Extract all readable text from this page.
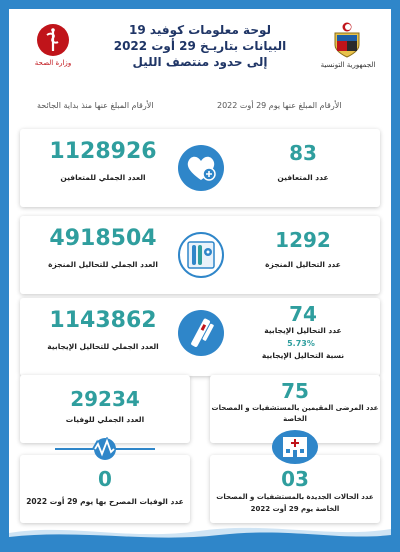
وزارة الصحة
لوحة معلومات كوفيد 19
البيانات بتاريـخ 29 أوت 2022
إلى حدود منتصف الليل	الجمهورية التونسية
الأرقام المبلغ عنها منذ بداية الجائحة	الأرقام المبلغ عنها يوم 29 أوت 2022
1128926
العدد الجملي للمتعافين
83
عدد المتعافين
4918504
العدد الجملي للتحاليل المنجزة
1292
عدد التحاليل المنجزة
1143862
العدد الجملي للتحاليل الإيجابية
74
عدد التحاليل الإيجابية
5.73%
نسبة التحاليل الإيجابية
29234
العدد الجملي للوفيات
0
عدد الوفيات المصرح بها يوم 29 أوت 2022
75
عدد المرضى المقيمين بالمستشفيات و المصحات
الخاصة
03
عدد الحالات الجديدة بالمستشفيات و المصحات
الخاصة يوم 29 أوت 2022
